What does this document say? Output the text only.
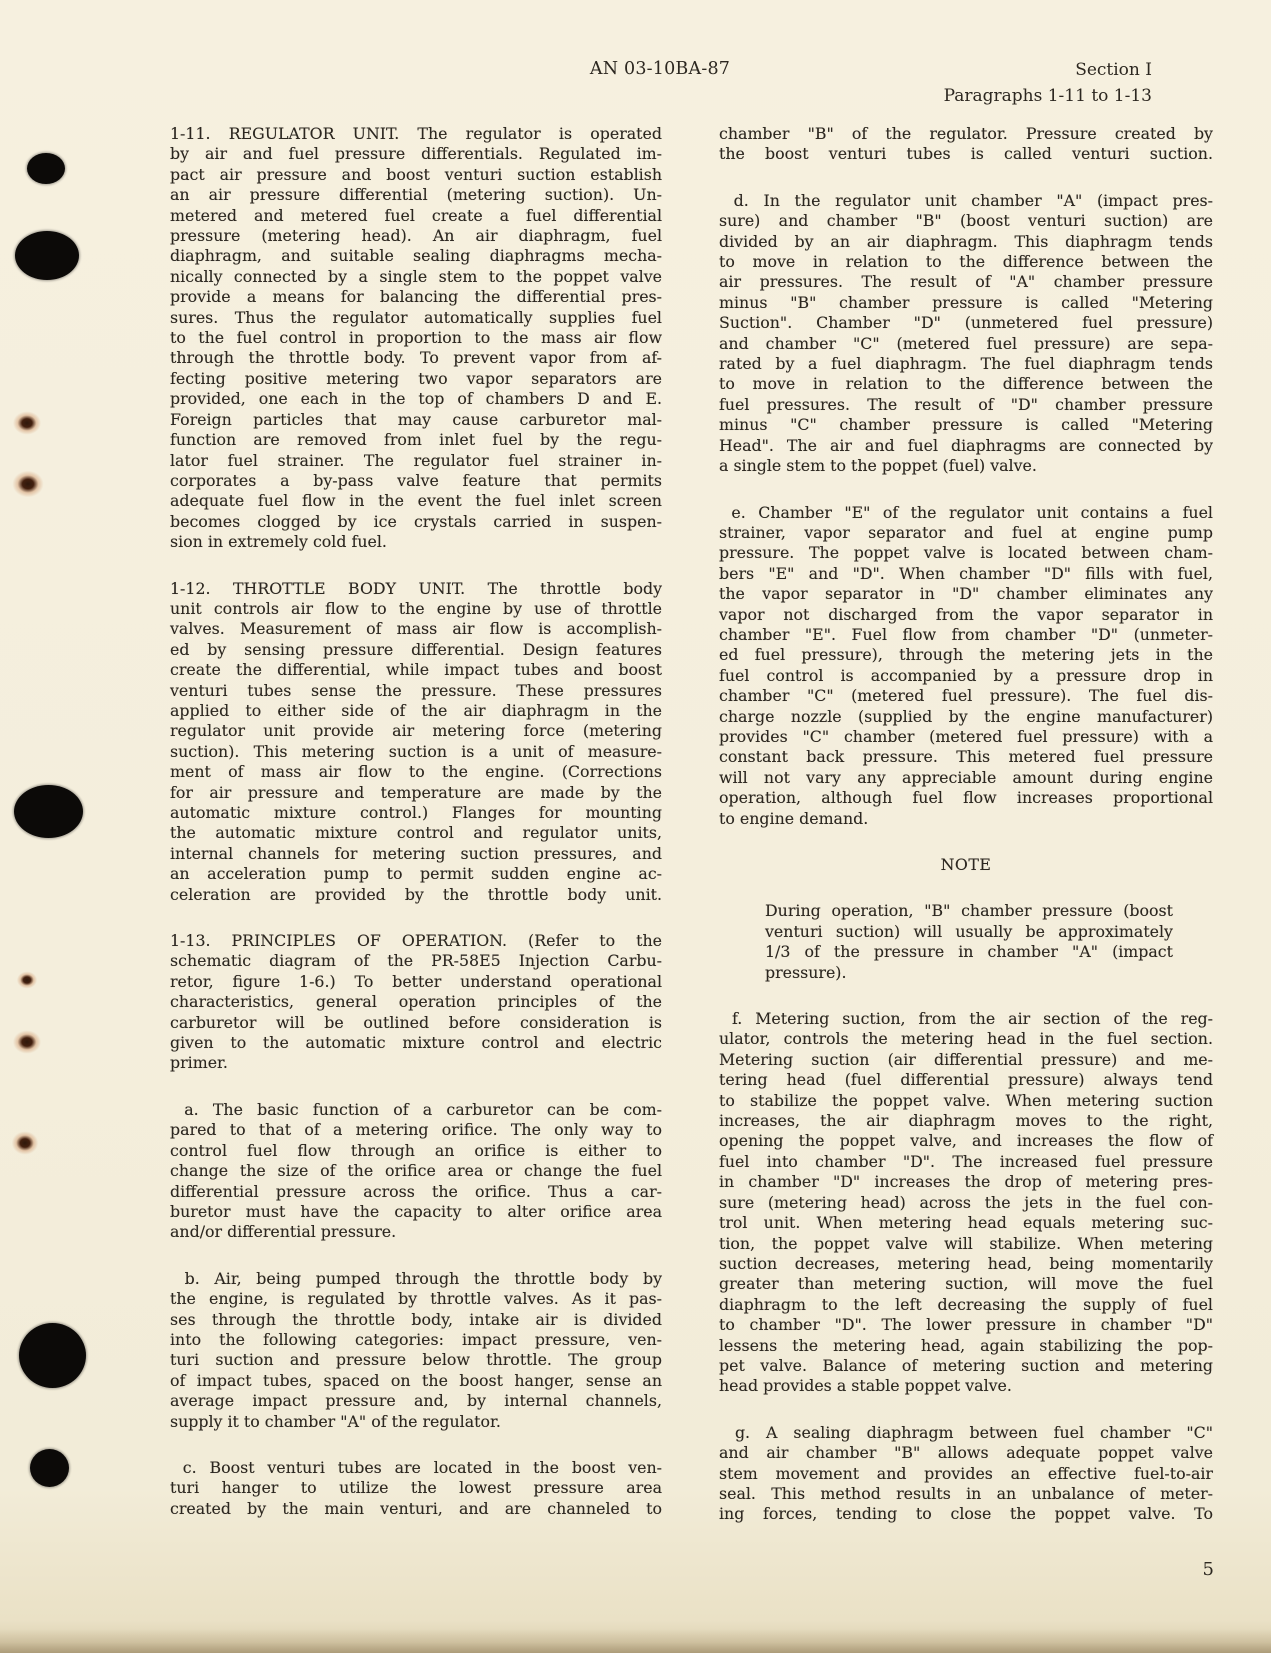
AN 03-10BA-87	Section I
Paragraphs 1-11 to 1-13
1-11. REGULATOR UNIT. The regulator is operated
by air and fuel pressure differentials. Regulated im-
pact air pressure and boost venturi suction establish
an air pressure differential (metering suction). Un-
metered and metered fuel create a fuel differential
pressure (metering head). An air diaphragm, fuel
diaphragm, and suitable sealing diaphragms mecha-
nically connected by a single stem to the poppet valve
provide a means for balancing the differential pres-
sures. Thus the regulator automatically supplies fuel
to the fuel control in proportion to the mass air flow
through the throttle body. To prevent vapor from af-
fecting positive metering two vapor separators are
provided, one each in the top of chambers D and E.
Foreign particles that may cause carburetor mal-
function are removed from inlet fuel by the regu-
lator fuel strainer. The regulator fuel strainer in-
corporates a by-pass valve feature that permits
adequate fuel flow in the event the fuel inlet screen
becomes clogged by ice crystals carried in suspen-
sion in extremely cold fuel.
1-12. THROTTLE BODY UNIT. The throttle body
unit controls air flow to the engine by use of throttle
valves. Measurement of mass air flow is accomplish-
ed by sensing pressure differential. Design features
create the differential, while impact tubes and boost
venturi tubes sense the pressure. These pressures
applied to either side of the air diaphragm in the
regulator unit provide air metering force (metering
suction). This metering suction is a unit of measure-
ment of mass air flow to the engine. (Corrections
for air pressure and temperature are made by the
automatic mixture control.) Flanges for mounting
the automatic mixture control and regulator units,
internal channels for metering suction pressures, and
an acceleration pump to permit sudden engine ac-
celeration are provided by the throttle body unit.
1-13. PRINCIPLES OF OPERATION. (Refer to the
schematic diagram of the PR-58E5 Injection Carbu-
retor, figure 1-6.) To better understand operational
characteristics, general operation principles of the
carburetor will be outlined before consideration is
given to the automatic mixture control and electric
primer.
a. The basic function of a carburetor can be com-
pared to that of a metering orifice. The only way to
control fuel flow through an orifice is either to
change the size of the orifice area or change the fuel
differential pressure across the orifice. Thus a car-
buretor must have the capacity to alter orifice area
and/or differential pressure.
b. Air, being pumped through the throttle body by
the engine, is regulated by throttle valves. As it pas-
ses through the throttle body, intake air is divided
into the following categories: impact pressure, ven-
turi suction and pressure below throttle. The group
of impact tubes, spaced on the boost hanger, sense an
average impact pressure and, by internal channels,
supply it to chamber "A" of the regulator.
c. Boost venturi tubes are located in the boost ven-
turi hanger to utilize the lowest pressure area
created by the main venturi, and are channeled to
chamber "B" of the regulator. Pressure created by
the boost venturi tubes is called venturi suction.
d. In the regulator unit chamber "A" (impact pres-
sure) and chamber "B" (boost venturi suction) are
divided by an air diaphragm. This diaphragm tends
to move in relation to the difference between the
air pressures. The result of "A" chamber pressure
minus "B" chamber pressure is called "Metering
Suction". Chamber "D" (unmetered fuel pressure)
and chamber "C" (metered fuel pressure) are sepa-
rated by a fuel diaphragm. The fuel diaphragm tends
to move in relation to the difference between the
fuel pressures. The result of "D" chamber pressure
minus "C" chamber pressure is called "Metering
Head". The air and fuel diaphragms are connected by
a single stem to the poppet (fuel) valve.
e. Chamber "E" of the regulator unit contains a fuel
strainer, vapor separator and fuel at engine pump
pressure. The poppet valve is located between cham-
bers "E" and "D". When chamber "D" fills with fuel,
the vapor separator in "D" chamber eliminates any
vapor not discharged from the vapor separator in
chamber "E". Fuel flow from chamber "D" (unmeter-
ed fuel pressure), through the metering jets in the
fuel control is accompanied by a pressure drop in
chamber "C" (metered fuel pressure). The fuel dis-
charge nozzle (supplied by the engine manufacturer)
provides "C" chamber (metered fuel pressure) with a
constant back pressure. This metered fuel pressure
will not vary any appreciable amount during engine
operation, although fuel flow increases proportional
to engine demand.
NOTE
During operation, "B" chamber pressure (boost
venturi suction) will usually be approximately
1/3 of the pressure in chamber "A" (impact
pressure).
f. Metering suction, from the air section of the reg-
ulator, controls the metering head in the fuel section.
Metering suction (air differential pressure) and me-
tering head (fuel differential pressure) always tend
to stabilize the poppet valve. When metering suction
increases, the air diaphragm moves to the right,
opening the poppet valve, and increases the flow of
fuel into chamber "D". The increased fuel pressure
in chamber "D" increases the drop of metering pres-
sure (metering head) across the jets in the fuel con-
trol unit. When metering head equals metering suc-
tion, the poppet valve will stabilize. When metering
suction decreases, metering head, being momentarily
greater than metering suction, will move the fuel
diaphragm to the left decreasing the supply of fuel
to chamber "D". The lower pressure in chamber "D"
lessens the metering head, again stabilizing the pop-
pet valve. Balance of metering suction and metering
head provides a stable poppet valve.
g. A sealing diaphragm between fuel chamber "C"
and air chamber "B" allows adequate poppet valve
stem movement and provides an effective fuel-to-air
seal. This method results in an unbalance of meter-
ing forces, tending to close the poppet valve. To
5
